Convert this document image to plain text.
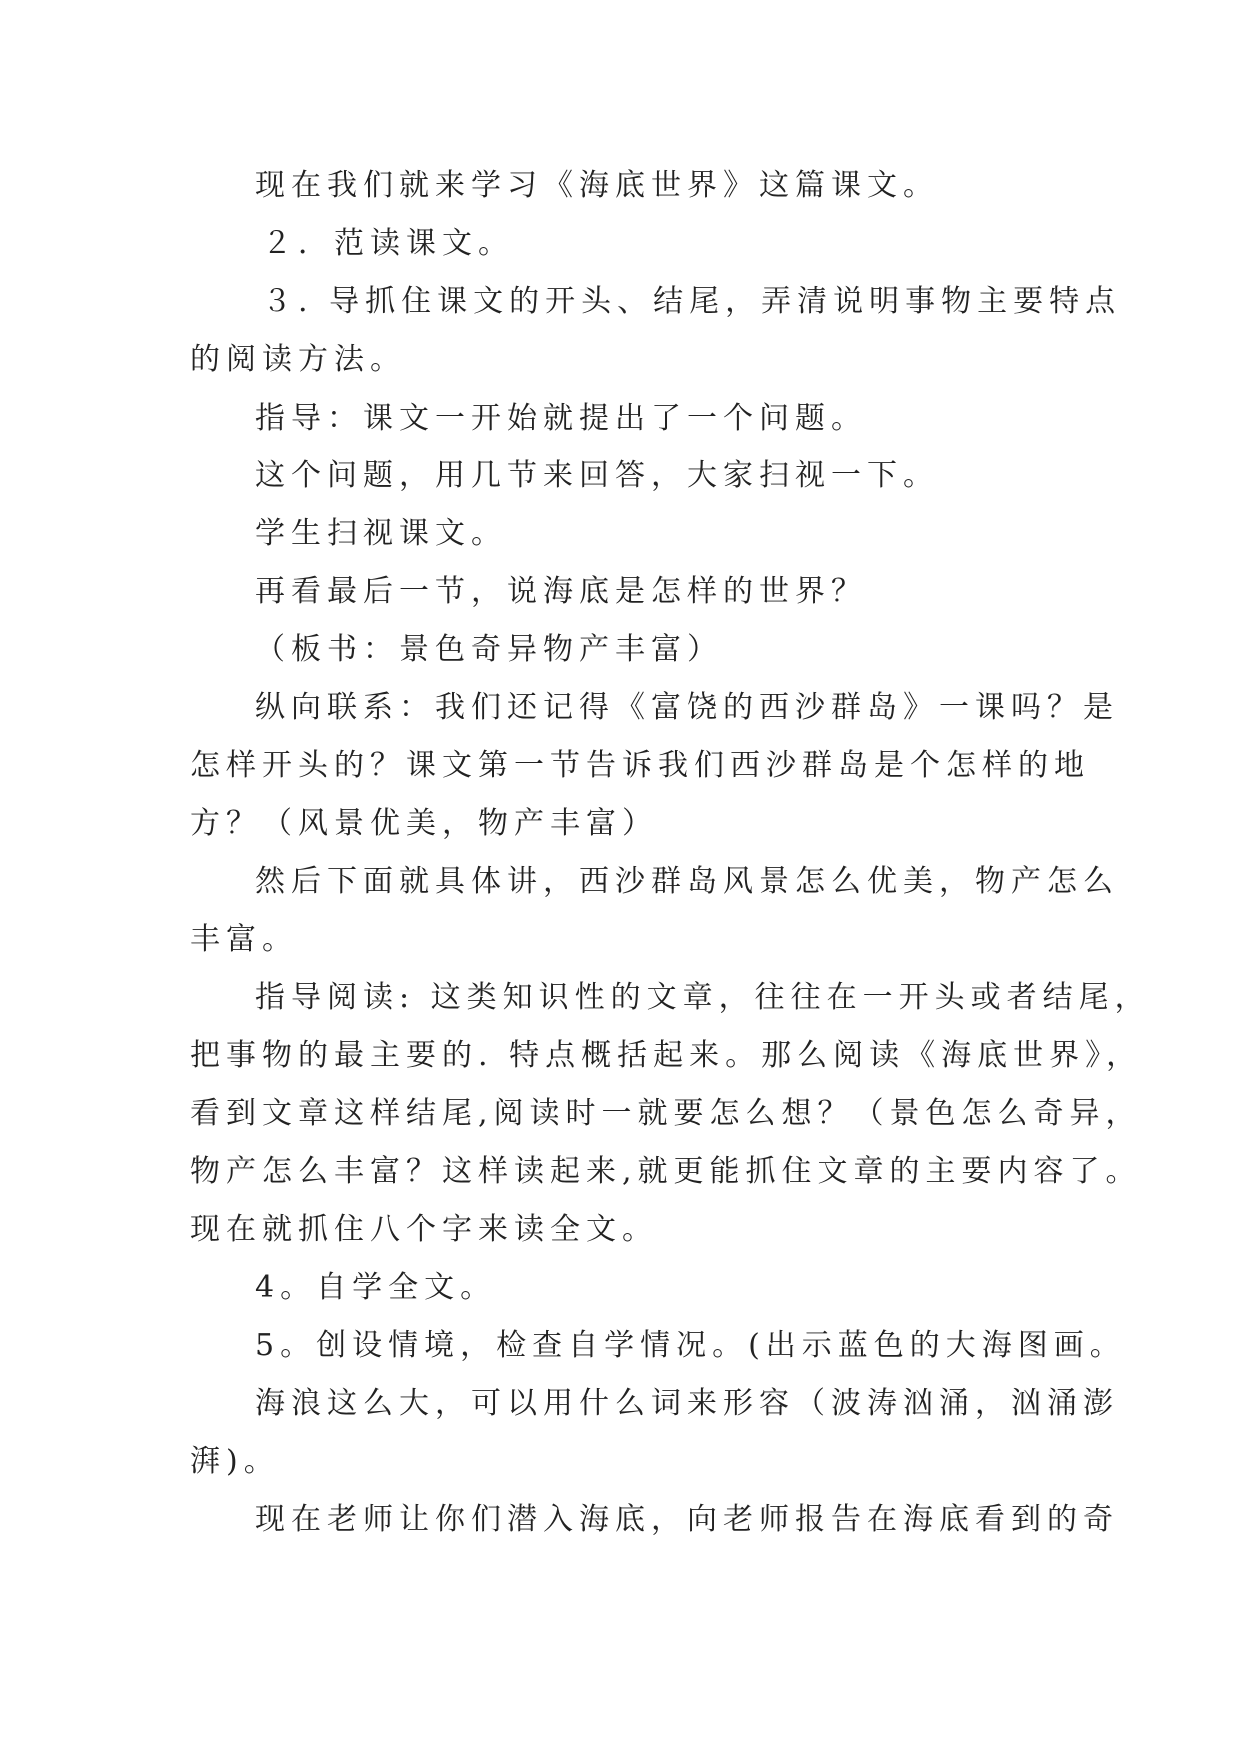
现在我们就来学习《海底世界》这篇课文。
２．范读课文。
３. 导抓住课文的开头、结尾，弄清说明事物主要特点
的阅读方法。
指导：课文一开始就提出了一个问题。
这个问题，用几节来回答，大家扫视一下。
学生扫视课文。
再看最后一节，说海底是怎样的世界？
（板书：景色奇异物产丰富）
纵向联系：我们还记得《富饶的西沙群岛》一课吗？是
怎样开头的？课文第一节告诉我们西沙群岛是个怎样的地
方？（风景优美，物产丰富）
然后下面就具体讲，西沙群岛风景怎么优美，物产怎么
丰富。
指导阅读: 这类知识性的文章，往往在一开头或者结尾，
把事物的最主要的. 特点概括起来。那么阅读《海底世界》，
看到文章这样结尾,阅读时一就要怎么想？（景色怎么奇异，
物产怎么丰富？这样读起来,就更能抓住文章的主要内容了。
现在就抓住八个字来读全文。
4。自学全文。
5。创设情境，检查自学情况。(出示蓝色的大海图画。
海浪这么大，可以用什么词来形容（波涛汹涌，汹涌澎
湃)。
现在老师让你们潜入海底，向老师报告在海底看到的奇
